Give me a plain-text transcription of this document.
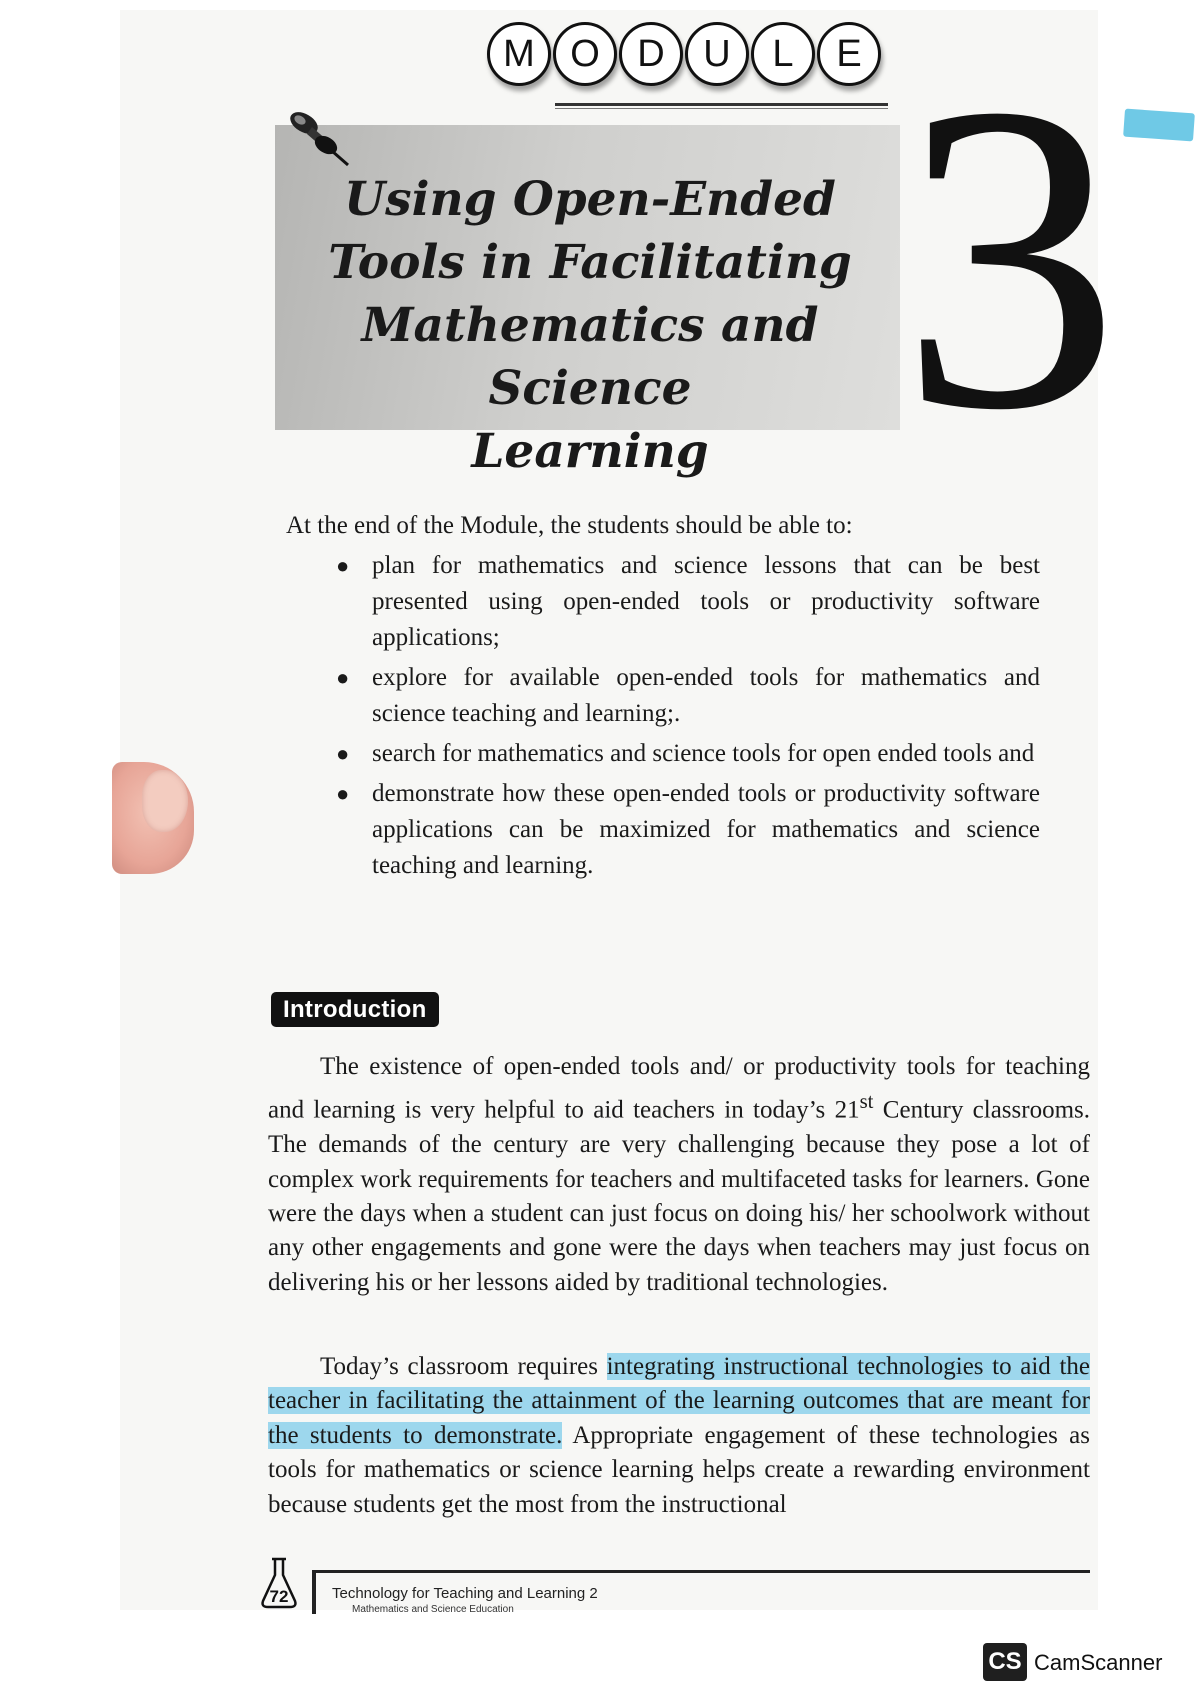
M O D	U	L	E
Using Open-Ended
Tools in Facilitating
Mathematics and Science
Learning 3
At the end of the Module, the students should be able to:
● plan for mathematics and science lessons that can be best presented using open-ended tools or productivity software applications;
● explore for available open-ended tools for mathematics and science teaching and learning;.
● search for mathematics and science tools for open ended tools and
● demonstrate how these open-ended tools or productivity software applications can be maximized for mathematics and science teaching and learning.
Introduction

The existence of open-ended tools and/ or productivity tools for teaching and learning is very helpful to aid teachers in today’s 21st Century classrooms. The demands of the century are very challenging because they pose a lot of complex work requirements for teachers and multifaceted tasks for learners. Gone were the days when a student can just focus on doing his/ her schoolwork without any other engagements and gone were the days when teachers may just focus on delivering his or her lessons aided by traditional technologies.

Today’s classroom requires integrating instructional technologies to aid the teacher in facilitating the attainment of the learning outcomes that are meant for the students to demonstrate. Appropriate engagement of these technologies as tools for mathematics or science learning helps create a rewarding environment because students get the most from the instructional

72	Technology for Teaching and Learning 2
Mathematics and Science Education
CS CamScanner
